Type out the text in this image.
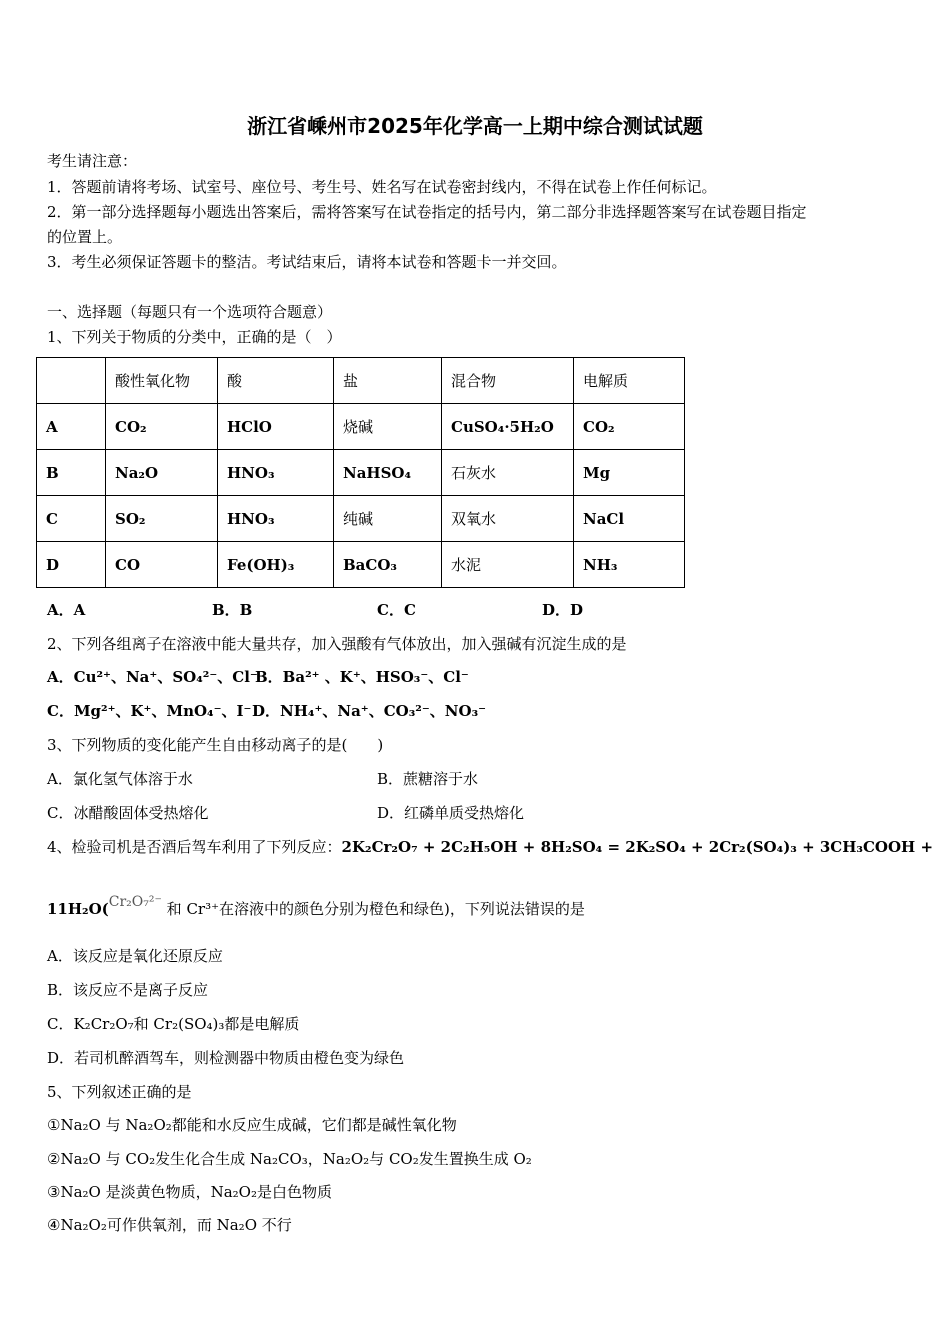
浙江省嵊州市2025年化学高一上期中综合测试试题
考生请注意：
1．答题前请将考场、试室号、座位号、考生号、姓名写在试卷密封线内，不得在试卷上作任何标记。
2．第一部分选择题每小题选出答案后，需将答案写在试卷指定的括号内，第二部分非选择题答案写在试卷题目指定
的位置上。
3．考生必须保证答题卡的整洁。考试结束后，请将本试卷和答题卡一并交回。
一、选择题（每题只有一个选项符合题意）
1、下列关于物质的分类中，正确的是（　）
	酸性氧化物	酸	盐	混合物	电解质
A	CO₂	HClO	烧碱	CuSO₄·5H₂O	CO₂
B	Na₂O	HNO₃	NaHSO₄	石灰水	Mg
C	SO₂	HNO₃	纯碱	双氧水	NaCl
D	CO	Fe(OH)₃	BaCO₃	水泥	NH₃
A．A	B．B	C．C	D．D
2、下列各组离子在溶液中能大量共存，加入强酸有气体放出，加入强碱有沉淀生成的是
A．Cu²⁺、Na⁺、SO₄²⁻、Cl⁻
B．Ba²⁺ 、K⁺、HSO₃⁻、Cl⁻
C．Mg²⁺、K⁺、MnO₄⁻、I⁻ D．NH₄⁺、Na⁺、CO₃²⁻、NO₃⁻
3、下列物质的变化能产生自由移动离子的是(　　)
A．氯化氢气体溶于水	B．蔗糖溶于水
C．冰醋酸固体受热熔化	D．红磷单质受热熔化
4、检验司机是否酒后驾车利用了下列反应：2K₂Cr₂O₇ + 2C₂H₅OH + 8H₂SO₄ = 2K₂SO₄ + 2Cr₂(SO₄)₃ + 3CH₃COOH +
11H₂O(Cr₂O₇²⁻ 和 Cr³⁺在溶液中的颜色分别为橙色和绿色)，下列说法错误的是
A．该反应是氧化还原反应
B．该反应不是离子反应
C．K₂Cr₂O₇和 Cr₂(SO₄)₃都是电解质
D．若司机醉酒驾车，则检测器中物质由橙色变为绿色
5、下列叙述正确的是
①Na₂O 与 Na₂O₂都能和水反应生成碱，它们都是碱性氧化物
②Na₂O 与 CO₂发生化合生成 Na₂CO₃，Na₂O₂与 CO₂发生置换生成 O₂
③Na₂O 是淡黄色物质，Na₂O₂是白色物质
④Na₂O₂可作供氧剂，而 Na₂O 不行
